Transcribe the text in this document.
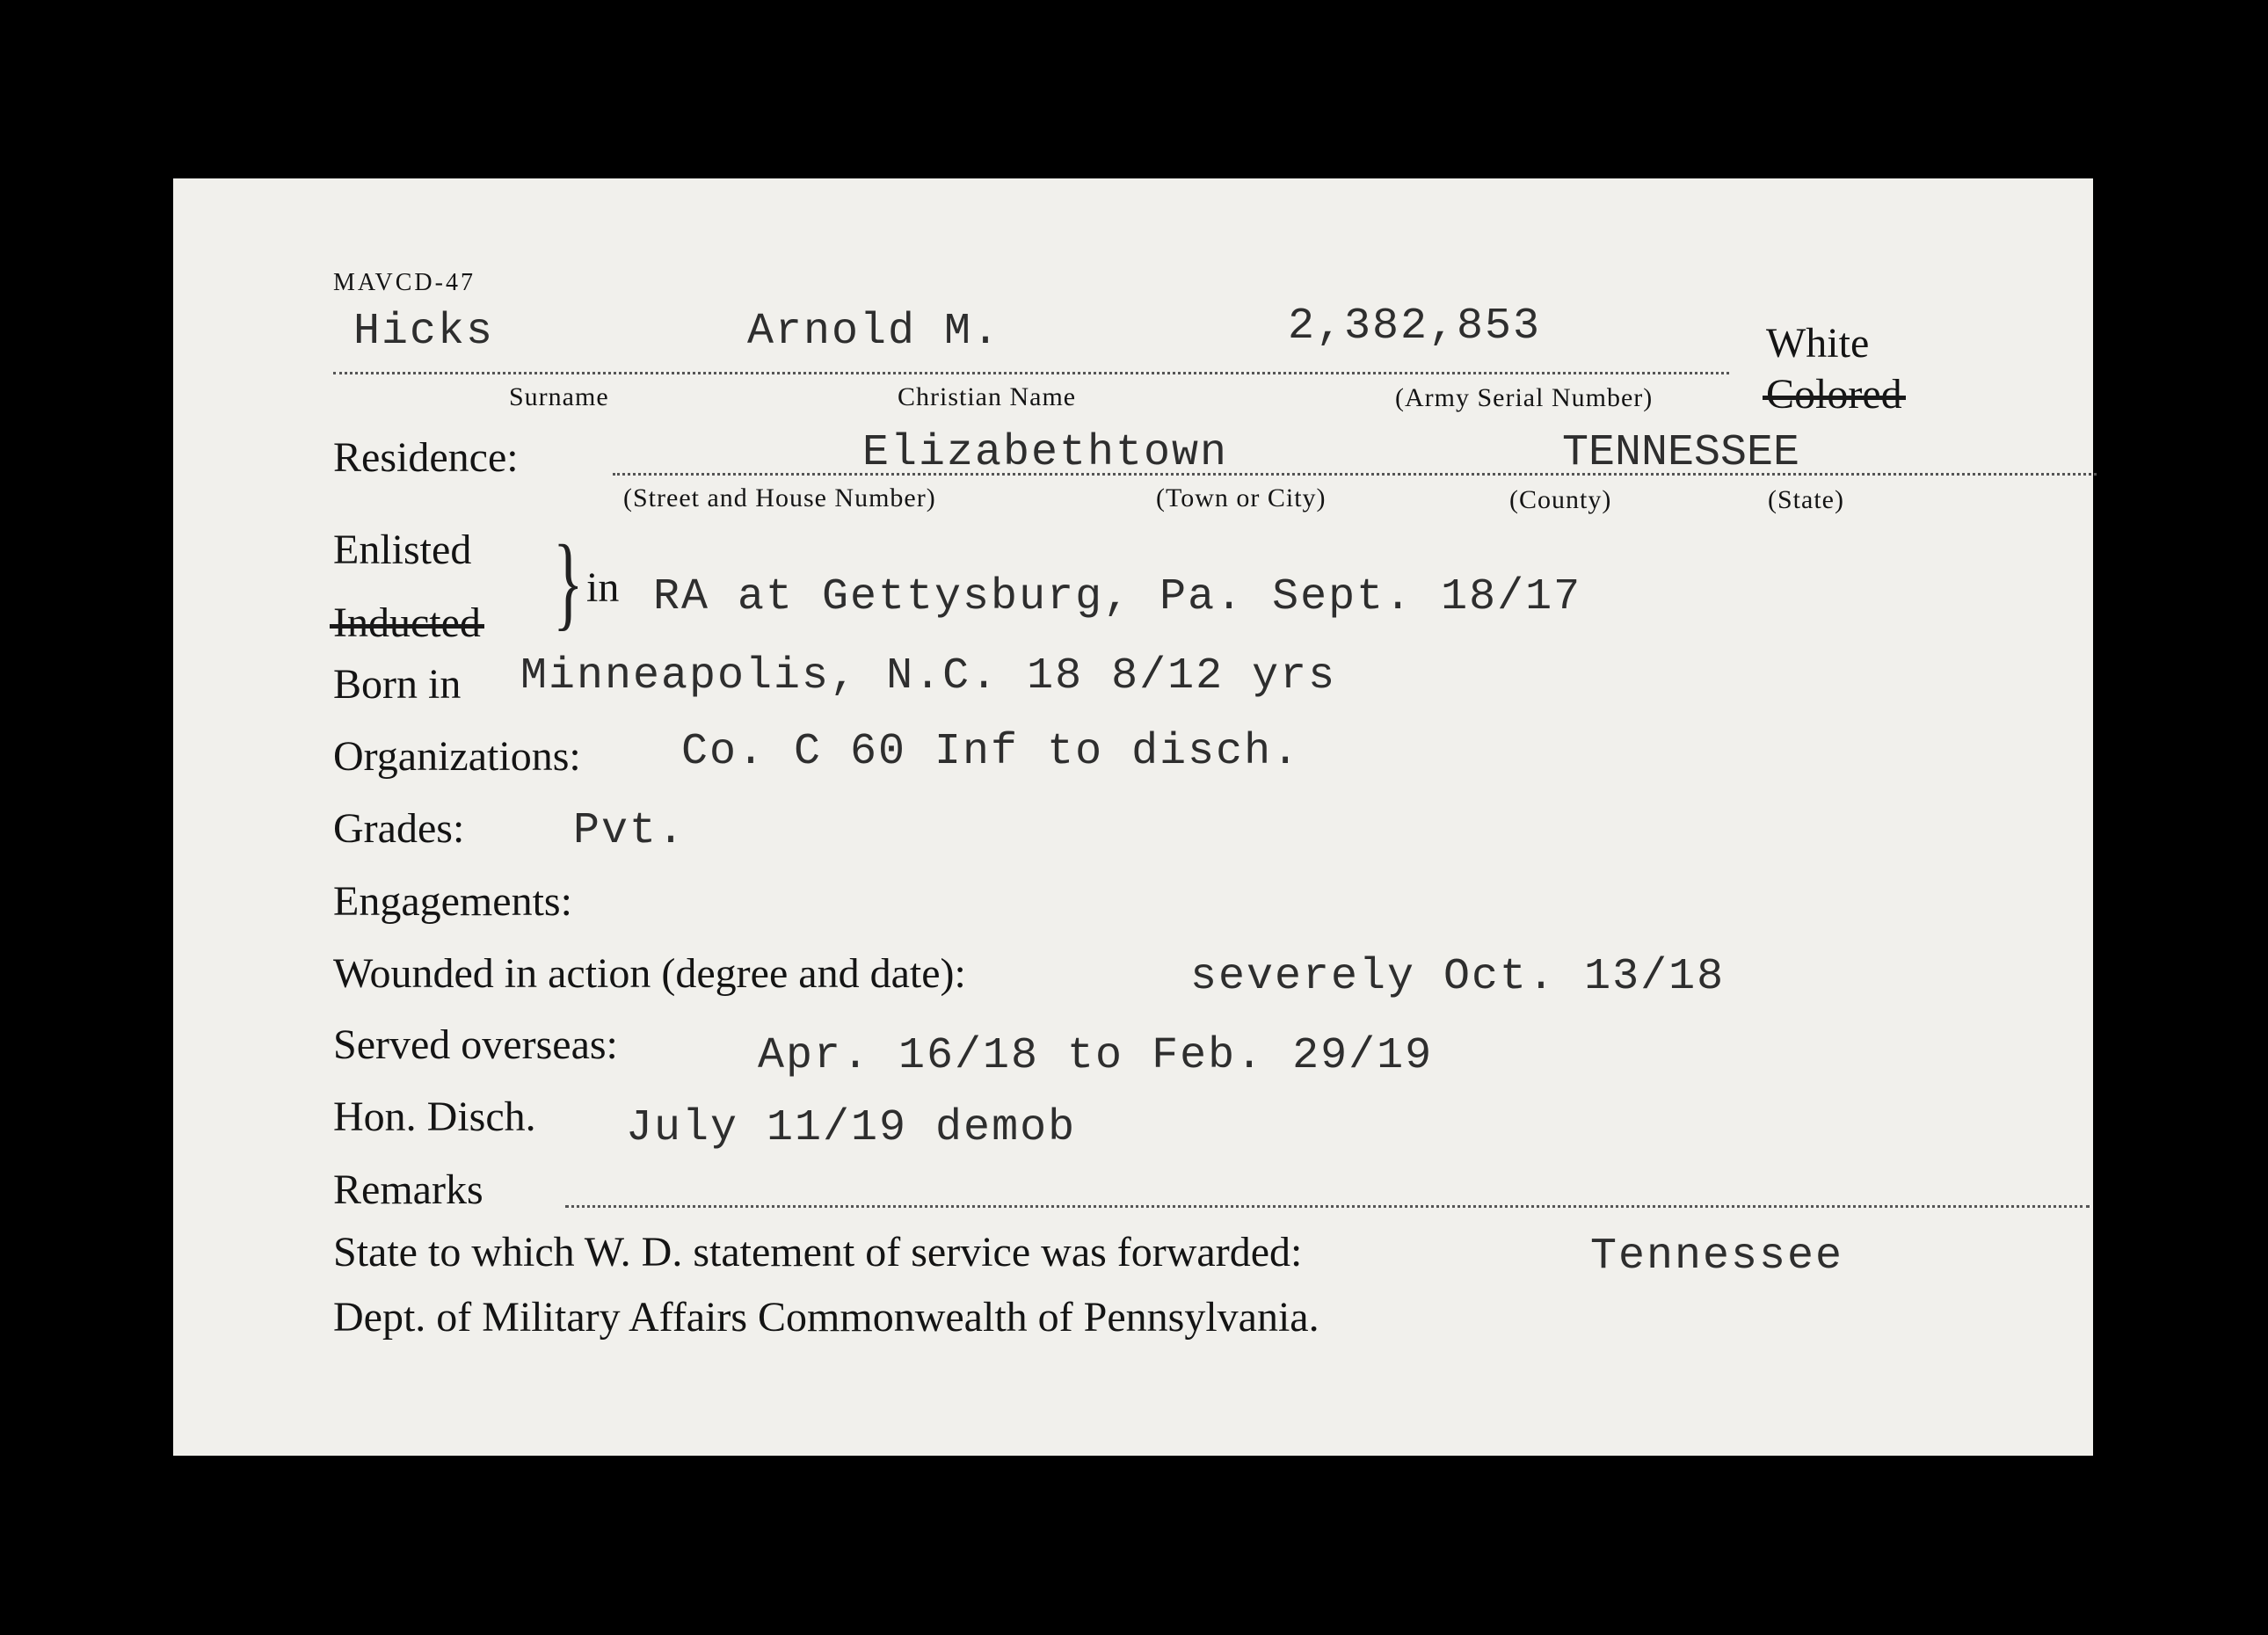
MAVCD-47
Hicks	Arnold M.	2,382,853
Surname	Christian Name	(Army Serial Number)
White
Colored
Residence:	Elizabethtown	TENNESSEE
(Street and House Number)	(Town or City)	(County)	(State)
Enlisted
Inducted } in RA at Gettysburg, Pa. Sept. 18/17
Born in Minneapolis, N.C. 18 8/12 yrs
Organizations: Co. C 60 Inf to disch.
Grades: Pvt.
Engagements:
Wounded in action (degree and date):	severely Oct. 13/18
Served overseas:	Apr. 16/18 to Feb. 29/19
Hon. Disch. July 11/19 demob
Remarks
State to which W. D. statement of service was forwarded:	Tennessee
Dept. of Military Affairs Commonwealth of Pennsylvania.
